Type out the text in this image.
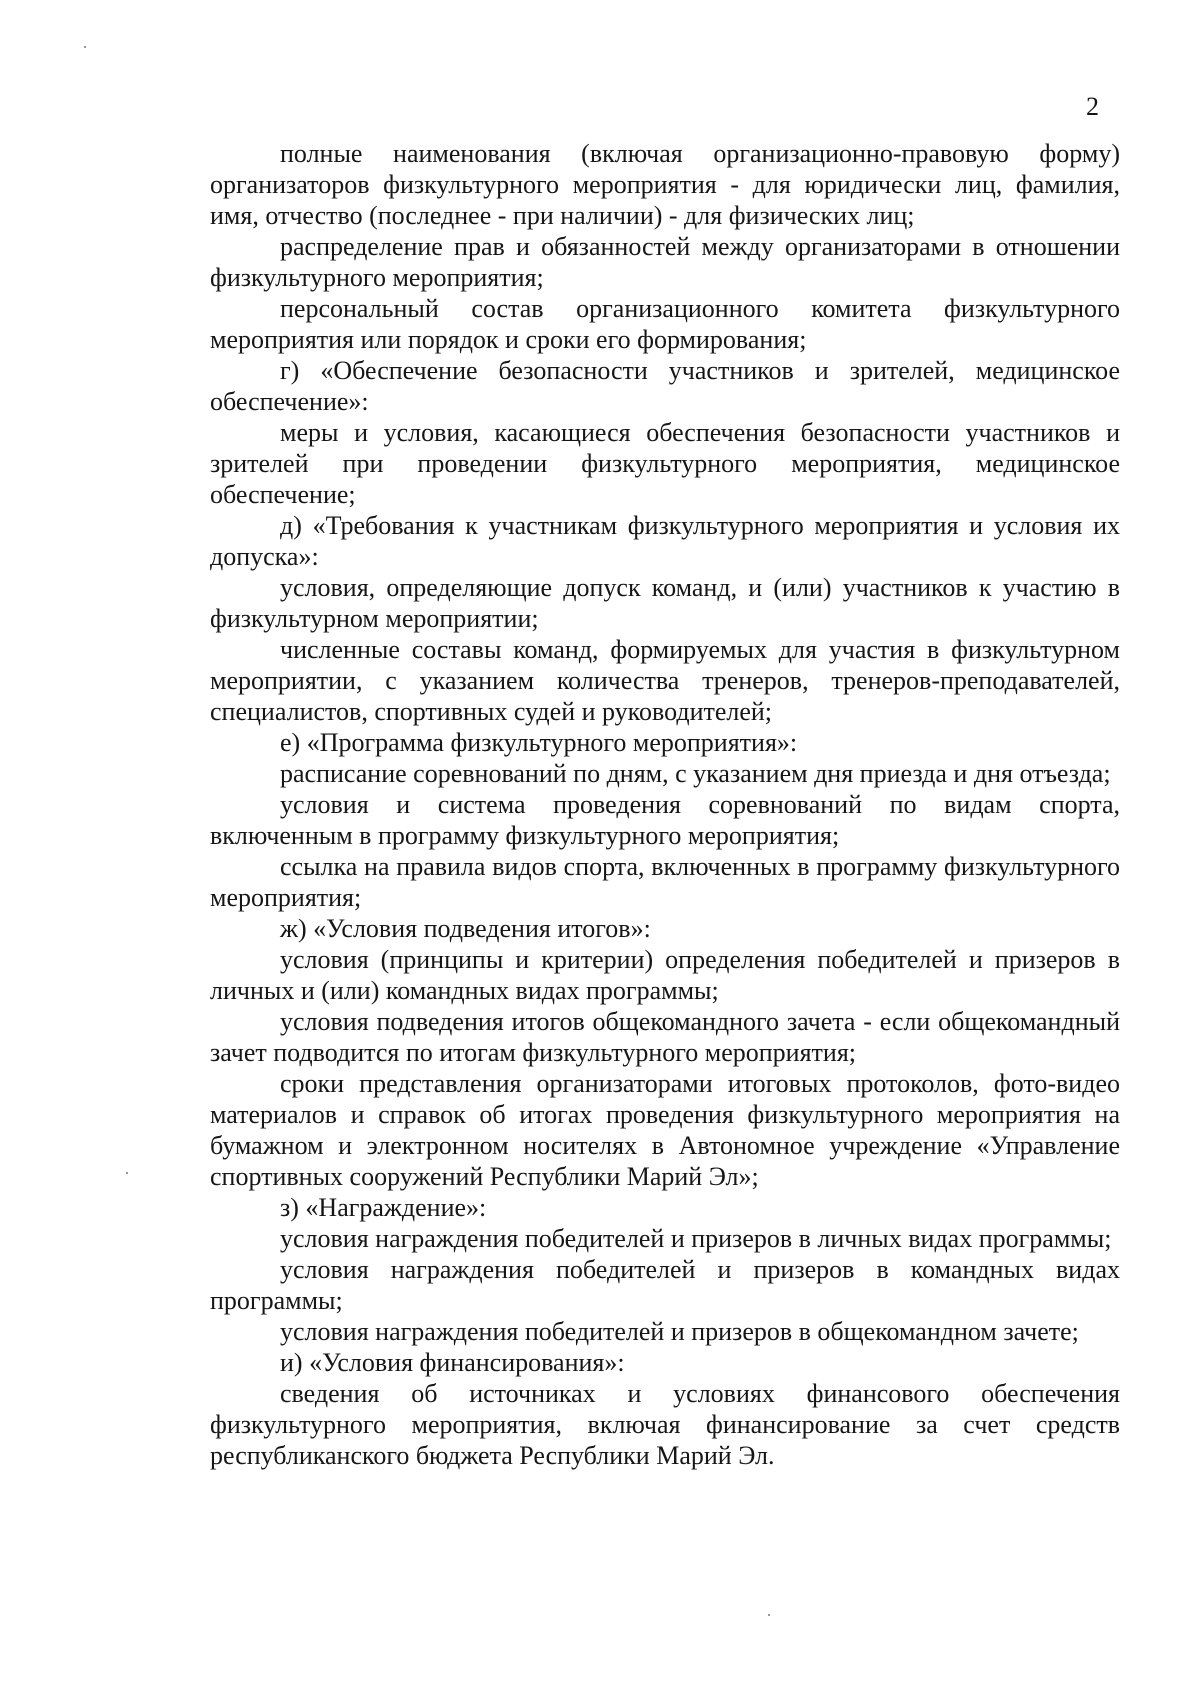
2

полные наименования (включая организационно-правовую форму) организаторов физкультурного мероприятия - для юридически лиц, фамилия, имя, отчество (последнее - при наличии) - для физических лиц;

распределение прав и обязанностей между организаторами в отношении физкультурного мероприятия;

персональный состав организационного комитета физкультурного мероприятия или порядок и сроки его формирования;

г) «Обеспечение безопасности участников и зрителей, медицинское обеспечение»:

меры и условия, касающиеся обеспечения безопасности участников и зрителей при проведении физкультурного мероприятия, медицинское обеспечение;

д) «Требования к участникам физкультурного мероприятия и условия их допуска»:

условия, определяющие допуск команд, и (или) участников к участию в физкультурном мероприятии;

численные составы команд, формируемых для участия в физкультурном мероприятии, с указанием количества тренеров, тренеров-преподавателей, специалистов, спортивных судей и руководителей;

е) «Программа физкультурного мероприятия»:

расписание соревнований по дням, с указанием дня приезда и дня отъезда;

условия и система проведения соревнований по видам спорта, включенным в программу физкультурного мероприятия;

ссылка на правила видов спорта, включенных в программу физкультурного мероприятия;

ж) «Условия подведения итогов»:

условия (принципы и критерии) определения победителей и призеров в личных и (или) командных видах программы;

условия подведения итогов общекомандного зачета - если общекомандный зачет подводится по итогам физкультурного мероприятия;

сроки представления организаторами итоговых протоколов, фото-видео материалов и справок об итогах проведения физкультурного мероприятия на бумажном и электронном носителях в Автономное учреждение «Управление спортивных сооружений Республики Марий Эл»;

з) «Награждение»:

условия награждения победителей и призеров в личных видах программы;

условия награждения победителей и призеров в командных видах программы;

условия награждения победителей и призеров в общекомандном зачете;

и) «Условия финансирования»:

сведения об источниках и условиях финансового обеспечения физкультурного мероприятия, включая финансирование за счет средств республиканского бюджета Республики Марий Эл.
